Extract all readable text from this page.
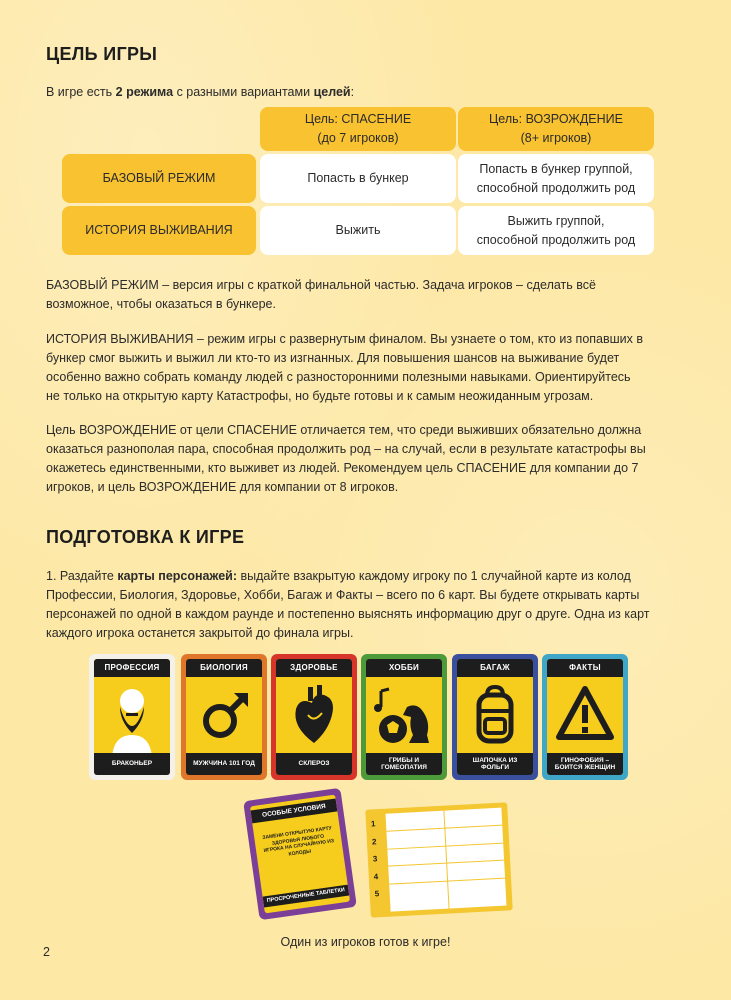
ЦЕЛЬ ИГРЫ
В игре есть 2 режима с разными вариантами целей:
Цель: СПАСЕНИЕ
(до 7 игроков)
Цель: ВОЗРОЖДЕНИЕ
(8+ игроков)
БАЗОВЫЙ РЕЖИМ	Попасть в бункер
Попасть в бункер группой,
способной продолжить род
ИСТОРИЯ ВЫЖИВАНИЯ	Выжить
Выжить группой,
способной продолжить род
БАЗОВЫЙ РЕЖИМ – версия игры с краткой финальной частью. Задача игроков – сделать всё возможное, чтобы оказаться в бункере.
ИСТОРИЯ ВЫЖИВАНИЯ – режим игры с развернутым финалом. Вы узнаете о том, кто из попавших в бункер смог выжить и выжил ли кто-то из изгнанных. Для повышения шансов на выживание будет особенно важно собрать команду людей с разносторонними полезными навыками. Ориентируйтесь не только на открытую карту Катастрофы, но будьте готовы и к самым неожиданным угрозам.
Цель ВОЗРОЖДЕНИЕ от цели СПАСЕНИЕ отличается тем, что среди выживших обязательно должна оказаться разнополая пара, способная продолжить род – на случай, если в результате катастрофы вы окажетесь единственными, кто выживет из людей. Рекомендуем цель СПАСЕНИЕ для компании до 7 игроков, и цель ВОЗРОЖДЕНИЕ для компании от 8 игроков.
ПОДГОТОВКА К ИГРЕ
1. Раздайте карты персонажей: выдайте взакрытую каждому игроку по 1 случайной карте из колод Профессии, Биология, Здоровье, Хобби, Багаж и Факты – всего по 6 карт. Вы будете открывать карты персонажей по одной в каждом раунде и постепенно выяснять информацию друг о друге. Одна из карт каждого игрока останется закрытой до финала игры.
ПРОФЕССИЯ
БРАКОНЬЕР
БИОЛОГИЯ
МУЖЧИНА 101 ГОД
ЗДОРОВЬЕ
СКЛЕРОЗ
ХОББИ
ГРИБЫ И ГОМЕОПАТИЯ
БАГАЖ
ШАПОЧКА ИЗ ФОЛЬГИ
ФАКТЫ
ГИНОФОБИЯ – БОИТСЯ ЖЕНЩИН
ОСОБЫЕ УСЛОВИЯ
ЗАМЕНИ ОТКРЫТУЮ КАРТУ ЗДОРОВЬЯ ЛЮБОГО ИГРОКА НА СЛУЧАЙНУЮ ИЗ КОЛОДЫ
ПРОСРОЧЕННЫЕ ТАБЛЕТКИ
1
2
3
4
5
Один из игроков готов к игре!
2
